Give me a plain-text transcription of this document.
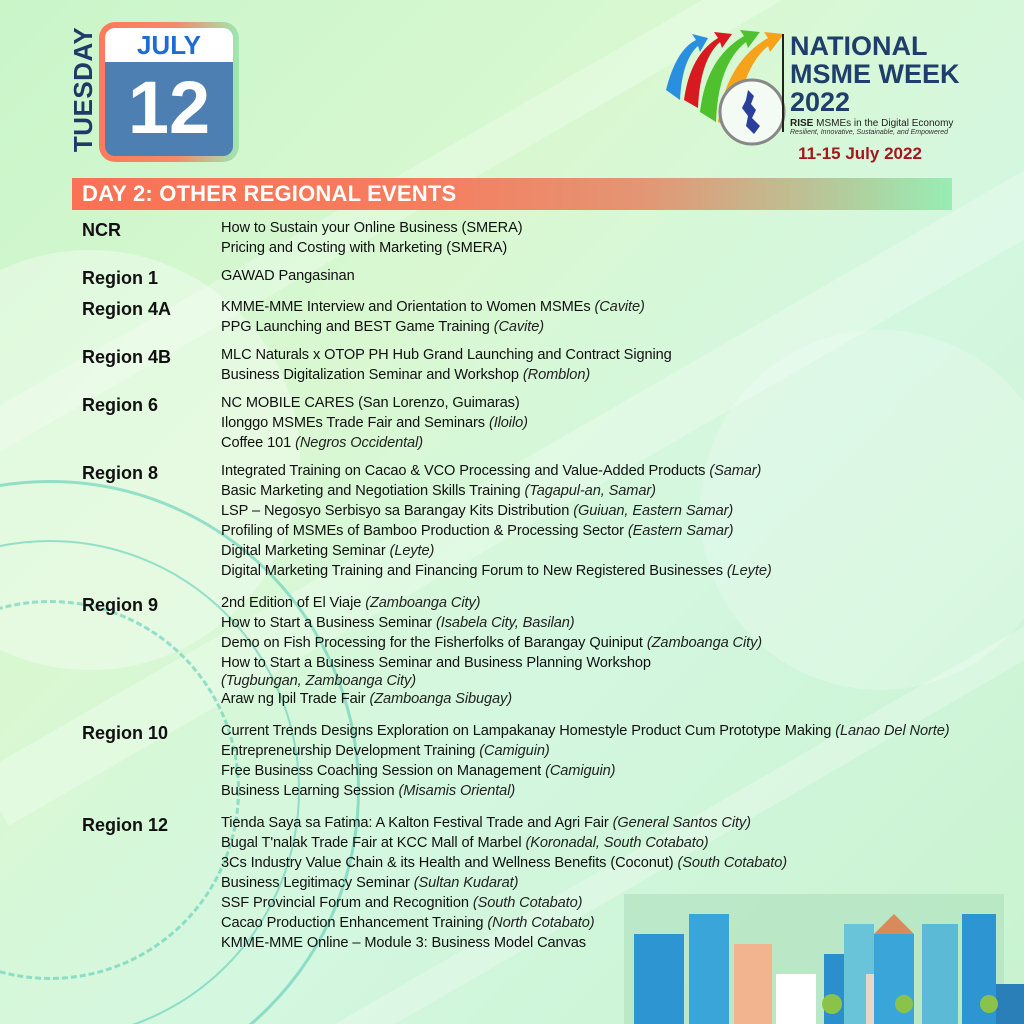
TUESDAY	JULY
12
NATIONAL
MSME WEEK
2022
RISE MSMEs in the Digital Economy
Resilient, Innovative, Sustainable, and Empowered
11-15 July 2022
DAY 2: OTHER REGIONAL EVENTS
NCR	How to Sustain your Online Business (SMERA)
Pricing and Costing with Marketing (SMERA)
Region 1	GAWAD Pangasinan
Region 4A	KMME-MME Interview and Orientation to Women MSMEs (Cavite)
PPG Launching and BEST Game Training (Cavite)
Region 4B	MLC Naturals x OTOP PH Hub Grand Launching and Contract Signing
Business Digitalization Seminar and Workshop (Romblon)
Region 6	NC MOBILE CARES (San Lorenzo, Guimaras)
Ilonggo MSMEs Trade Fair and Seminars (Iloilo)
Coffee 101 (Negros Occidental)
Region 8	Integrated Training on Cacao & VCO Processing and Value-Added Products (Samar)
Basic Marketing and Negotiation Skills Training (Tagapul-an, Samar)
LSP – Negosyo Serbisyo sa Barangay Kits Distribution (Guiuan, Eastern Samar)
Profiling of MSMEs of Bamboo Production & Processing Sector (Eastern Samar)
Digital Marketing Seminar (Leyte)
Digital Marketing Training and Financing Forum to New Registered Businesses (Leyte)
Region 9	2nd Edition of El Viaje (Zamboanga City)
How to Start a Business Seminar (Isabela City, Basilan)
Demo on Fish Processing for the Fisherfolks of Barangay Quiniput (Zamboanga City)
How to Start a Business Seminar and Business Planning Workshop
(Tugbungan, Zamboanga City)
Araw ng Ipil Trade Fair (Zamboanga Sibugay)
Region 10	Current Trends Designs Exploration on Lampakanay Homestyle Product Cum Prototype Making (Lanao Del Norte)
Entrepreneurship Development Training (Camiguin)
Free Business Coaching Session on Management (Camiguin)
Business Learning Session (Misamis Oriental)
Region 12	Tienda Saya sa Fatima: A Kalton Festival Trade and Agri Fair (General Santos City)
Bugal T'nalak Trade Fair at KCC Mall of Marbel (Koronadal, South Cotabato)
3Cs Industry Value Chain & its Health and Wellness Benefits (Coconut) (South Cotabato)
Business Legitimacy Seminar (Sultan Kudarat)
SSF Provincial Forum and Recognition (South Cotabato)
Cacao Production Enhancement Training (North Cotabato)
KMME-MME Online – Module 3: Business Model Canvas
